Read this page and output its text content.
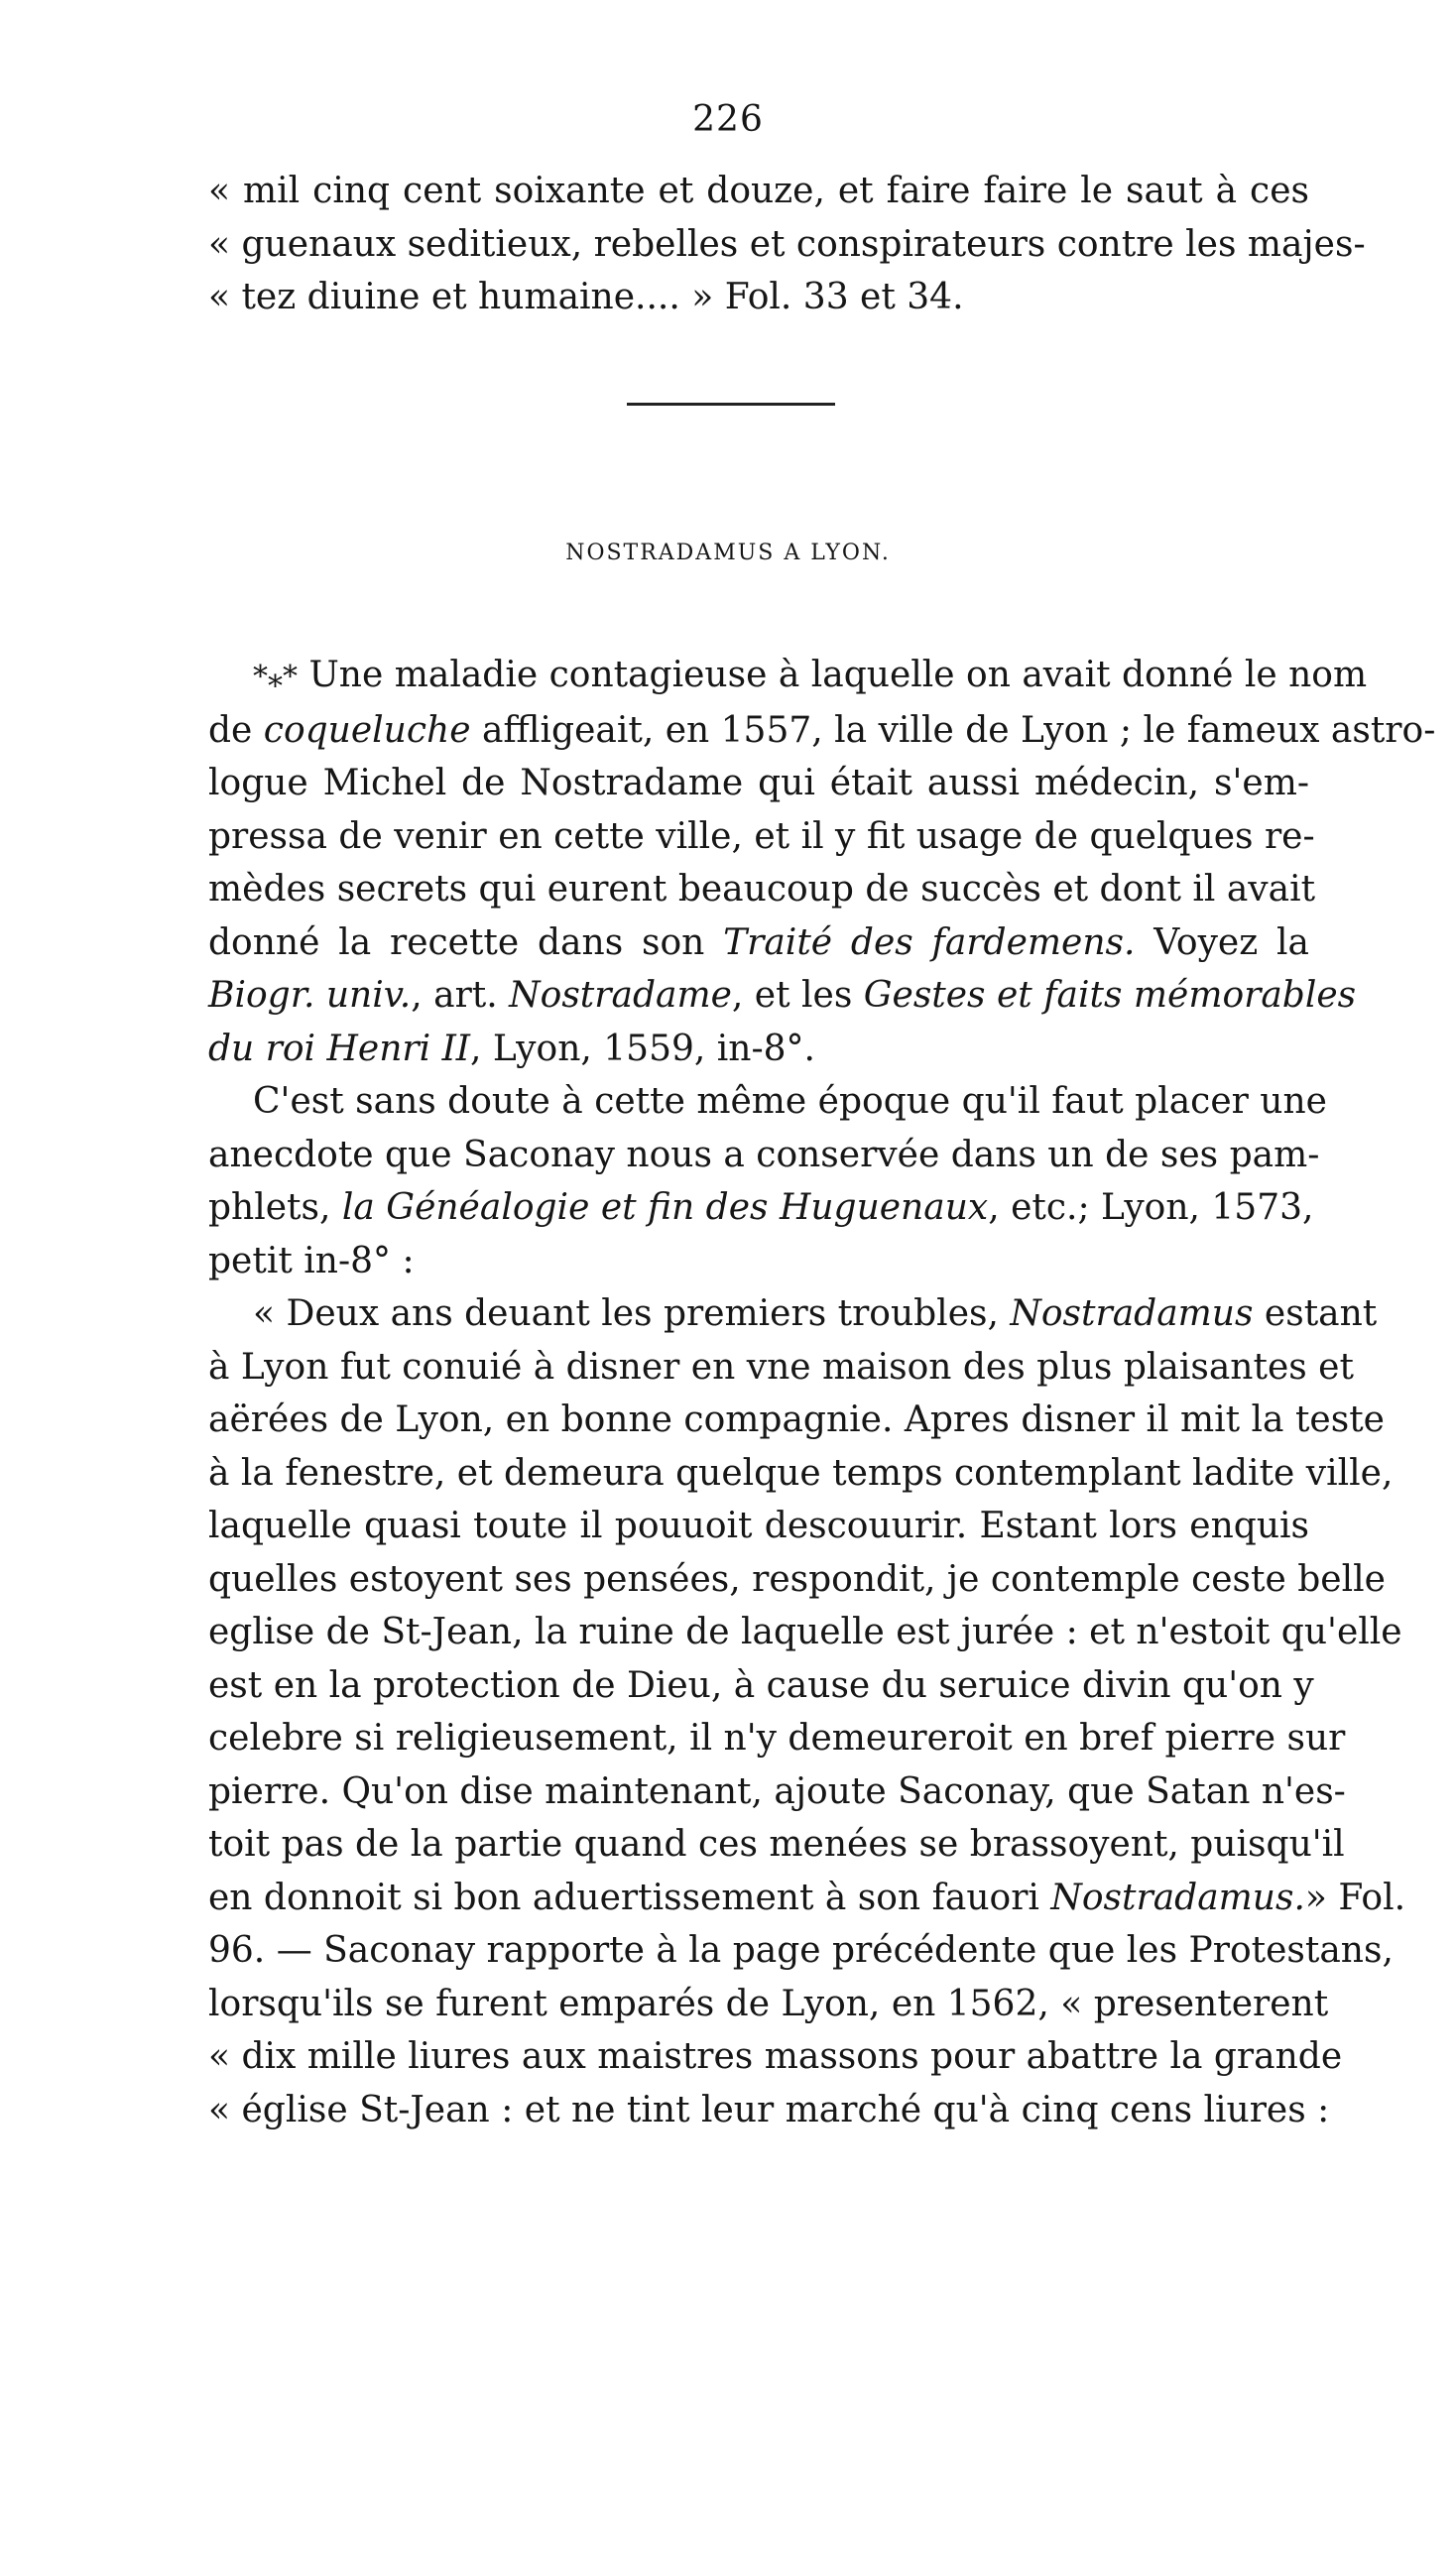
226
« mil cinq cent soixante et douze, et faire faire le saut à ces
« guenaux seditieux, rebelles et conspirateurs contre les majes-
« tez diuine et humaine.... » Fol. 33 et 34.
NOSTRADAMUS A LYON.
*⁎* Une maladie contagieuse à laquelle on avait donné le nom
de coqueluche affligeait, en 1557, la ville de Lyon ; le fameux astro-
logue Michel de Nostradame qui était aussi médecin, s'em-
pressa de venir en cette ville, et il y fit usage de quelques re-
mèdes secrets qui eurent beaucoup de succès et dont il avait
donné la recette dans son Traité des fardemens. Voyez la
Biogr. univ., art. Nostradame, et les Gestes et faits mémorables
du roi Henri II, Lyon, 1559, in-8°.
C'est sans doute à cette même époque qu'il faut placer une
anecdote que Saconay nous a conservée dans un de ses pam-
phlets, la Généalogie et fin des Huguenaux, etc.; Lyon, 1573,
petit in-8° :
« Deux ans deuant les premiers troubles, Nostradamus estant
à Lyon fut conuié à disner en vne maison des plus plaisantes et
aërées de Lyon, en bonne compagnie. Apres disner il mit la teste
à la fenestre, et demeura quelque temps contemplant ladite ville,
laquelle quasi toute il pouuoit descouurir. Estant lors enquis
quelles estoyent ses pensées, respondit, je contemple ceste belle
eglise de St-Jean, la ruine de laquelle est jurée : et n'estoit qu'elle
est en la protection de Dieu, à cause du seruice divin qu'on y
celebre si religieusement, il n'y demeureroit en bref pierre sur
pierre. Qu'on dise maintenant, ajoute Saconay, que Satan n'es-
toit pas de la partie quand ces menées se brassoyent, puisqu'il
en donnoit si bon aduertissement à son fauori Nostradamus.» Fol.
96. — Saconay rapporte à la page précédente que les Protestans,
lorsqu'ils se furent emparés de Lyon, en 1562, « presenterent
« dix mille liures aux maistres massons pour abattre la grande
« église St-Jean : et ne tint leur marché qu'à cinq cens liures :
